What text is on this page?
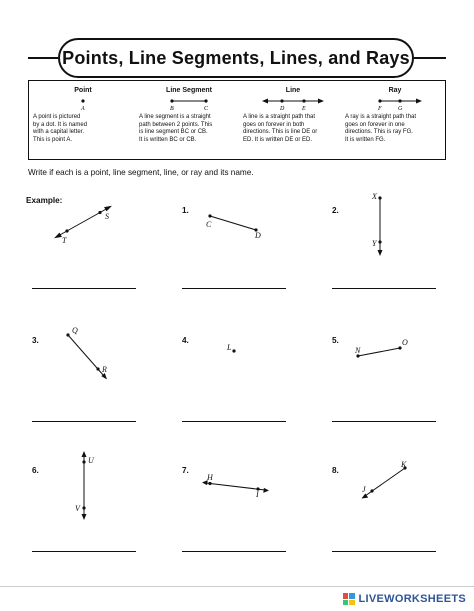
Points, Line Segments, Lines, and Rays
Point
A
A point is pictured
by a dot. It is named
with a capital letter.
This is point A.
Line Segment
B	C
A line segment is a straight
path between 2 points. This
is line segment BC or CB.
It is written BC or CB.
Line
D	E
A line is a straight path that
goes on forever in both
directions. This is line DE or
ED. It is written DE or ED.
Ray
F	G
A ray is a straight path that
goes on forever in one
directions. This is ray FG.
It is written FG.
Write if each is a point, line segment, line, or ray and its name.
Example:
1.	2.
3.	4.	5.
6.	7.	8.
S
T
C
D
X
Y
Q
R
L	N
O
U
V
H
I
K
J
LIVEWORKSHEETS
